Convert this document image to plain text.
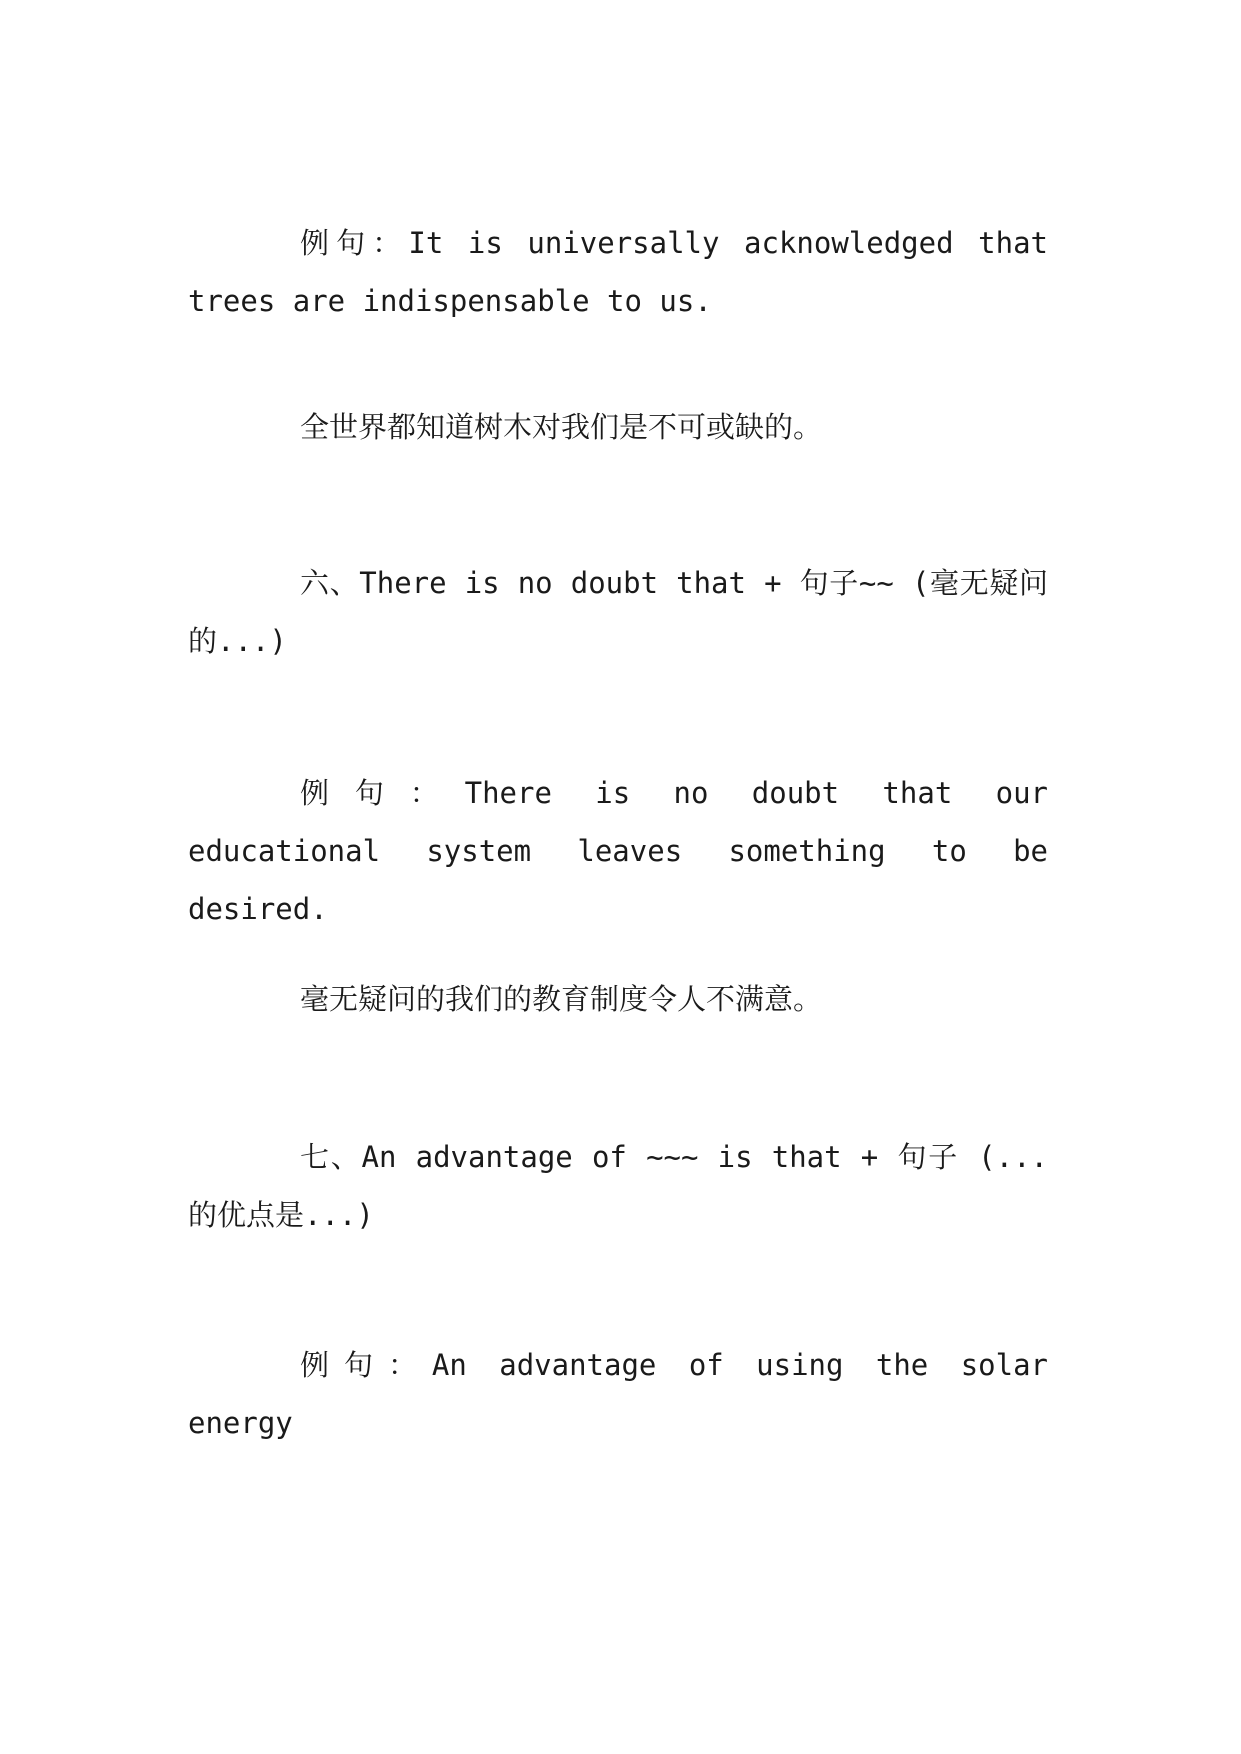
例句：It is universally acknowledged that trees are indispensable to us.

全世界都知道树木对我们是不可或缺的。

六、There is no doubt that + 句子~~ (毫无疑问的...)

例句：There is no doubt that our educational system leaves something to be desired.

毫无疑问的我们的教育制度令人不满意。

七、An advantage of ~~~ is that + 句子 (...的优点是...)

例句：An advantage of using the solar energy
